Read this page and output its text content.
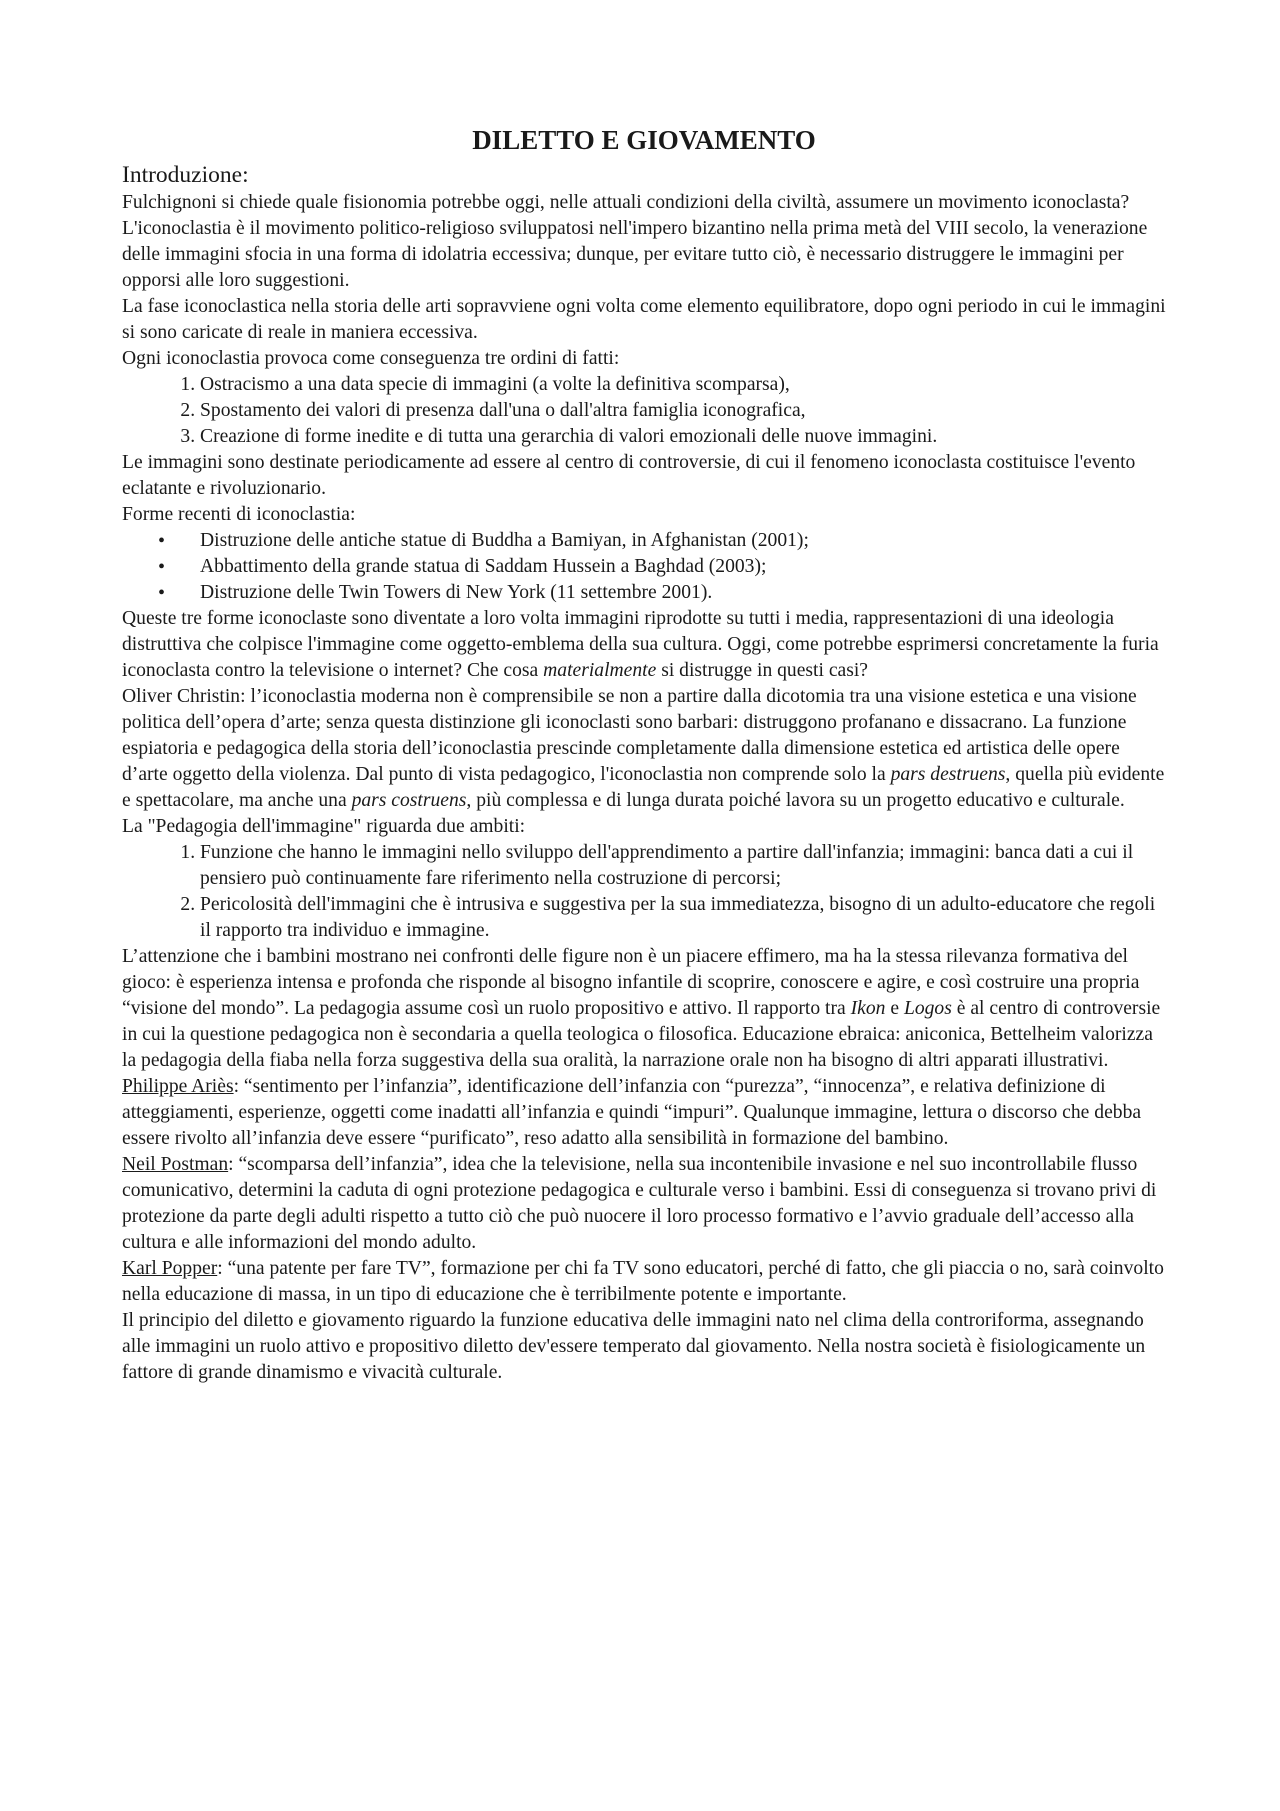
DILETTO E GIOVAMENTO

Introduzione:

Fulchignoni si chiede quale fisionomia potrebbe oggi, nelle attuali condizioni della civiltà, assumere un movimento iconoclasta?

L'iconoclastia è il movimento politico-religioso sviluppatosi nell'impero bizantino nella prima metà del VIII secolo, la venerazione delle immagini sfocia in una forma di idolatria eccessiva; dunque, per evitare tutto ciò, è necessario distruggere le immagini per opporsi alle loro suggestioni.

La fase iconoclastica nella storia delle arti sopravviene ogni volta come elemento equilibratore, dopo ogni periodo in cui le immagini si sono caricate di reale in maniera eccessiva.

Ogni iconoclastia provoca come conseguenza tre ordini di fatti:

1. Ostracismo a una data specie di immagini (a volte la definitiva scomparsa),
2. Spostamento dei valori di presenza dall'una o dall'altra famiglia iconografica,
3. Creazione di forme inedite e di tutta una gerarchia di valori emozionali delle nuove immagini.

Le immagini sono destinate periodicamente ad essere al centro di controversie, di cui il fenomeno iconoclasta costituisce l'evento eclatante e rivoluzionario.

Forme recenti di iconoclastia:

• Distruzione delle antiche statue di Buddha a Bamiyan, in Afghanistan (2001);
• Abbattimento della grande statua di Saddam Hussein a Baghdad (2003);
• Distruzione delle Twin Towers di New York (11 settembre 2001).

Queste tre forme iconoclaste sono diventate a loro volta immagini riprodotte su tutti i media, rappresentazioni di una ideologia distruttiva che colpisce l'immagine come oggetto-emblema della sua cultura. Oggi, come potrebbe esprimersi concretamente la furia iconoclasta contro la televisione o internet? Che cosa materialmente si distrugge in questi casi?

Oliver Christin: l’iconoclastia moderna non è comprensibile se non a partire dalla dicotomia tra una visione estetica e una visione politica dell’opera d’arte; senza questa distinzione gli iconoclasti sono barbari: distruggono profanano e dissacrano. La funzione espiatoria e pedagogica della storia dell’iconoclastia prescinde completamente dalla dimensione estetica ed artistica delle opere d’arte oggetto della violenza. Dal punto di vista pedagogico, l'iconoclastia non comprende solo la pars destruens, quella più evidente e spettacolare, ma anche una pars costruens, più complessa e di lunga durata poiché lavora su un progetto educativo e culturale.

La "Pedagogia dell'immagine" riguarda due ambiti:

1. Funzione che hanno le immagini nello sviluppo dell'apprendimento a partire dall'infanzia; immagini: banca dati a cui il pensiero può continuamente fare riferimento nella costruzione di percorsi;
2. Pericolosità dell'immagini che è intrusiva e suggestiva per la sua immediatezza, bisogno di un adulto-educatore che regoli il rapporto tra individuo e immagine.

L’attenzione che i bambini mostrano nei confronti delle figure non è un piacere effimero, ma ha la stessa rilevanza formativa del gioco: è esperienza intensa e profonda che risponde al bisogno infantile di scoprire, conoscere e agire, e così costruire una propria “visione del mondo”. La pedagogia assume così un ruolo propositivo e attivo. Il rapporto tra Ikon e Logos è al centro di controversie in cui la questione pedagogica non è secondaria a quella teologica o filosofica. Educazione ebraica: aniconica, Bettelheim valorizza la pedagogia della fiaba nella forza suggestiva della sua oralità, la narrazione orale non ha bisogno di altri apparati illustrativi.

Philippe Ariès: “sentimento per l’infanzia”, identificazione dell’infanzia con “purezza”, “innocenza”, e relativa definizione di atteggiamenti, esperienze, oggetti come inadatti all’infanzia e quindi “impuri”. Qualunque immagine, lettura o discorso che debba essere rivolto all’infanzia deve essere “purificato”, reso adatto alla sensibilità in formazione del bambino.

Neil Postman: “scomparsa dell’infanzia”, idea che la televisione, nella sua incontenibile invasione e nel suo incontrollabile flusso comunicativo, determini la caduta di ogni protezione pedagogica e culturale verso i bambini. Essi di conseguenza si trovano privi di protezione da parte degli adulti rispetto a tutto ciò che può nuocere il loro processo formativo e l’avvio graduale dell’accesso alla cultura e alle informazioni del mondo adulto.

Karl Popper: “una patente per fare TV”, formazione per chi fa TV sono educatori, perché di fatto, che gli piaccia o no, sarà coinvolto nella educazione di massa, in un tipo di educazione che è terribilmente potente e importante.

Il principio del diletto e giovamento riguardo la funzione educativa delle immagini nato nel clima della controriforma, assegnando alle immagini un ruolo attivo e propositivo diletto dev'essere temperato dal giovamento. Nella nostra società è fisiologicamente un fattore di grande dinamismo e vivacità culturale.
